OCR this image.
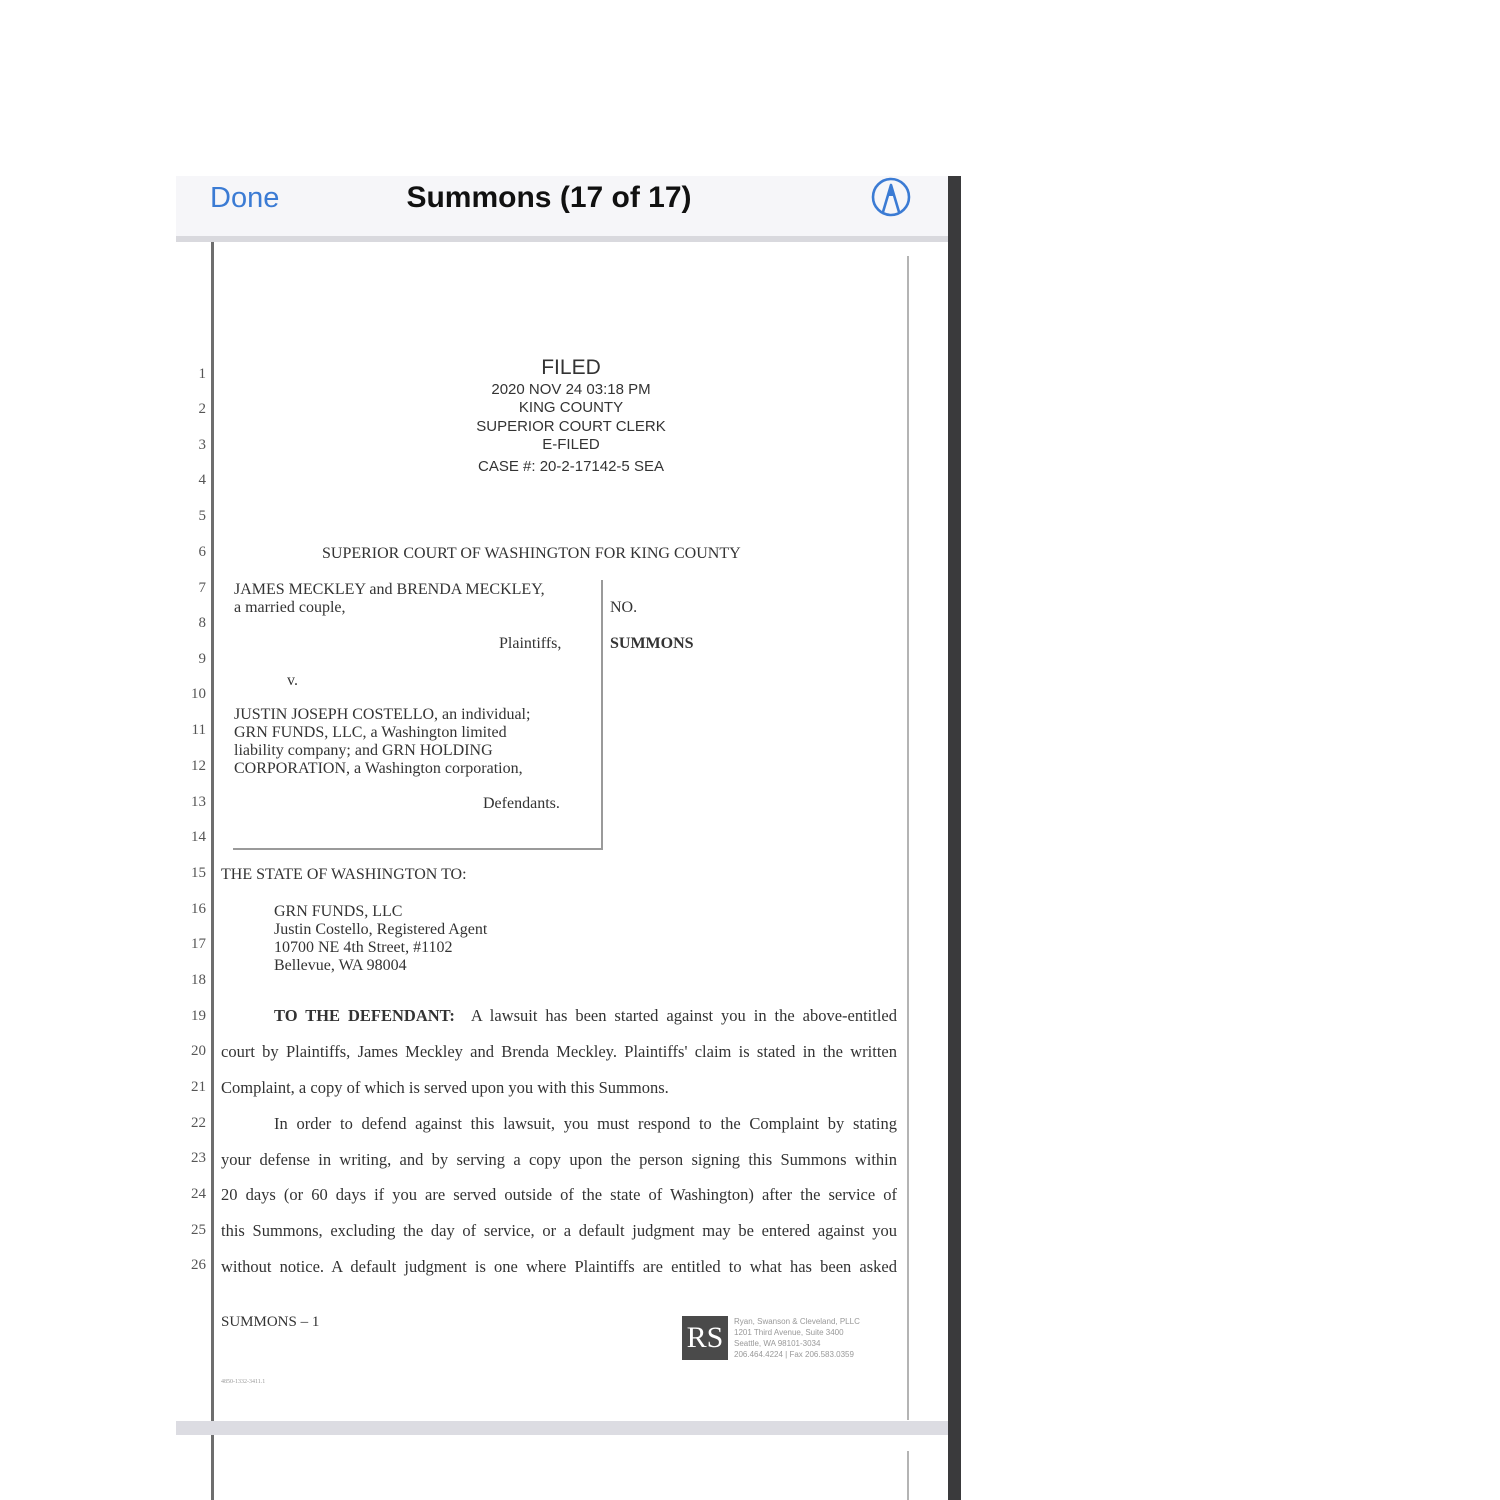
Done	Summons (17 of 17)
1
2
3
4
5
6
7
8
9
10
11
12
13
14
15
16
17
18
19
20
21
22
23
24
25
26
FILED
2020 NOV 24 03:18 PM
KING COUNTY
SUPERIOR COURT CLERK
E-FILED
CASE #: 20-2-17142-5 SEA
SUPERIOR COURT OF WASHINGTON FOR KING COUNTY
JAMES MECKLEY and BRENDA MECKLEY,
a married couple,
Plaintiffs,
v.
JUSTIN JOSEPH COSTELLO, an individual;
GRN FUNDS, LLC, a Washington limited
liability company; and GRN HOLDING
CORPORATION, a Washington corporation,
Defendants.
NO.
SUMMONS
THE STATE OF WASHINGTON TO:
GRN FUNDS, LLC
Justin Costello, Registered Agent
10700 NE 4th Street, #1102
Bellevue, WA 98004
TO THE DEFENDANT: A lawsuit has been started against you in the above-entitled
court by Plaintiffs, James Meckley and Brenda Meckley. Plaintiffs' claim is stated in the written
Complaint, a copy of which is served upon you with this Summons.
In order to defend against this lawsuit, you must respond to the Complaint by stating
your defense in writing, and by serving a copy upon the person signing this Summons within
20 days (or 60 days if you are served outside of the state of Washington) after the service of
this Summons, excluding the day of service, or a default judgment may be entered against you
without notice. A default judgment is one where Plaintiffs are entitled to what has been asked
SUMMONS – 1
4850-1332-3411.1
RS	Ryan, Swanson & Cleveland, PLLC
1201 Third Avenue, Suite 3400
Seattle, WA 98101-3034
206.464.4224 | Fax 206.583.0359
